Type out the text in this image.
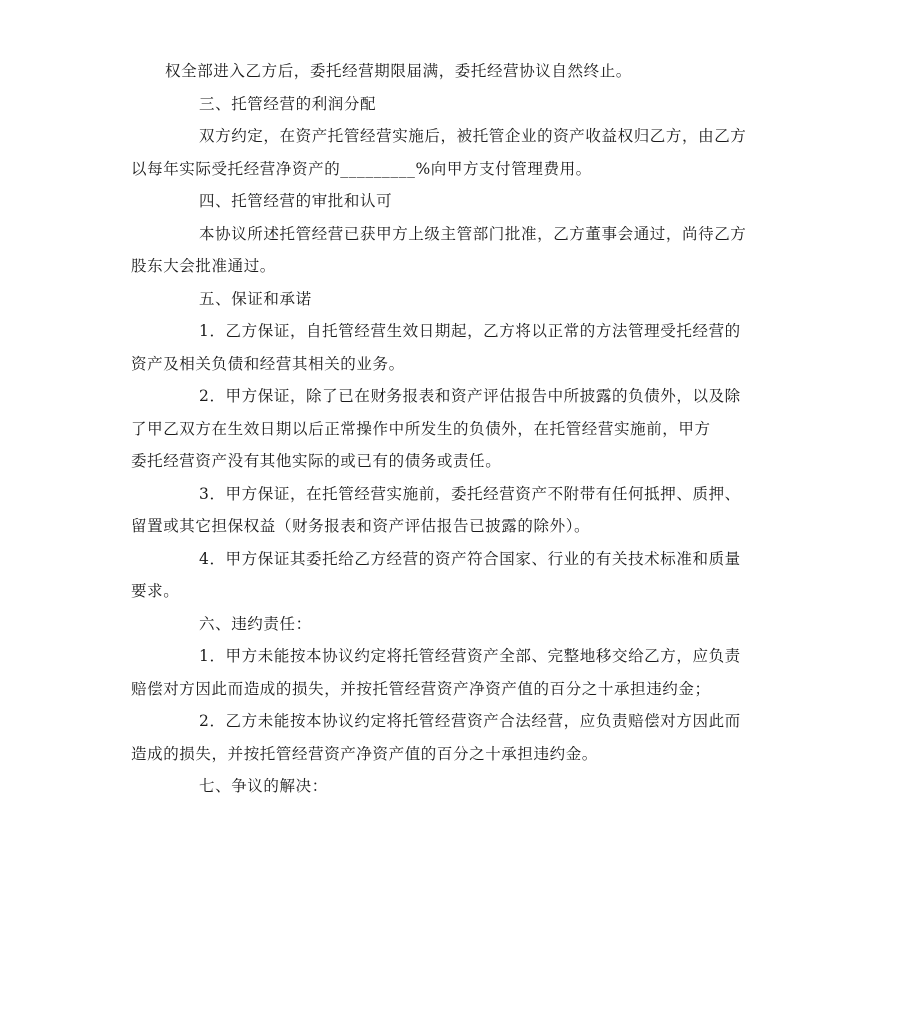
权全部进入乙方后，委托经营期限届满，委托经营协议自然终止。

三、托管经营的利润分配

双方约定，在资产托管经营实施后，被托管企业的资产收益权归乙方，由乙方
以每年实际受托经营净资产的_________%向甲方支付管理费用。

四、托管经营的审批和认可

本协议所述托管经营已获甲方上级主管部门批准，乙方董事会通过，尚待乙方
股东大会批准通过。

五、保证和承诺

1．乙方保证，自托管经营生效日期起，乙方将以正常的方法管理受托经营的
资产及相关负债和经营其相关的业务。

2．甲方保证，除了已在财务报表和资产评估报告中所披露的负债外，以及除
了甲乙双方在生效日期以后正常操作中所发生的负债外，在托管经营实施前，甲方
委托经营资产没有其他实际的或已有的债务或责任。

3．甲方保证，在托管经营实施前，委托经营资产不附带有任何抵押、质押、
留置或其它担保权益（财务报表和资产评估报告已披露的除外）。

4．甲方保证其委托给乙方经营的资产符合国家、行业的有关技术标准和质量
要求。

六、违约责任：

1．甲方未能按本协议约定将托管经营资产全部、完整地移交给乙方，应负责
赔偿对方因此而造成的损失，并按托管经营资产净资产值的百分之十承担违约金；

2．乙方未能按本协议约定将托管经营资产合法经营，应负责赔偿对方因此而
造成的损失，并按托管经营资产净资产值的百分之十承担违约金。

七、争议的解决：
